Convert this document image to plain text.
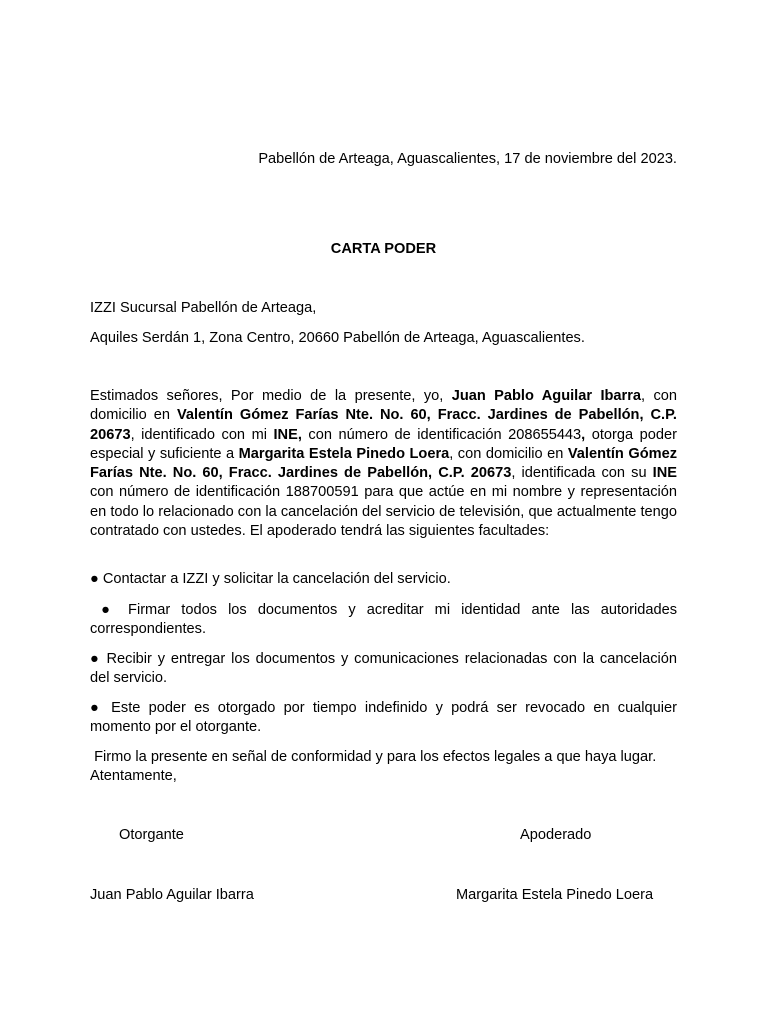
Pabellón de Arteaga, Aguascalientes, 17 de noviembre del 2023.
CARTA PODER
IZZI Sucursal Pabellón de Arteaga,
Aquiles Serdán 1, Zona Centro, 20660 Pabellón de Arteaga, Aguascalientes.
Estimados señores, Por medio de la presente, yo, Juan Pablo Aguilar Ibarra, con domicilio en Valentín Gómez Farías Nte. No. 60, Fracc. Jardines de Pabellón, C.P. 20673, identificado con mi INE, con número de identificación 208655443, otorga poder especial y suficiente a Margarita Estela Pinedo Loera, con domicilio en Valentín Gómez Farías Nte. No. 60, Fracc. Jardines de Pabellón, C.P. 20673, identificada con su INE con número de identificación 188700591 para que actúe en mi nombre y representación en todo lo relacionado con la cancelación del servicio de televisión, que actualmente tengo contratado con ustedes. El apoderado tendrá las siguientes facultades:
● Contactar a IZZI y solicitar la cancelación del servicio.
● Firmar todos los documentos y acreditar mi identidad ante las autoridades correspondientes.
● Recibir y entregar los documentos y comunicaciones relacionadas con la cancelación del servicio.
● Este poder es otorgado por tiempo indefinido y podrá ser revocado en cualquier momento por el otorgante.
Firmo la presente en señal de conformidad y para los efectos legales a que haya lugar.
Atentamente,
Otorgante	Apoderado
Juan Pablo Aguilar Ibarra	Margarita Estela Pinedo Loera
